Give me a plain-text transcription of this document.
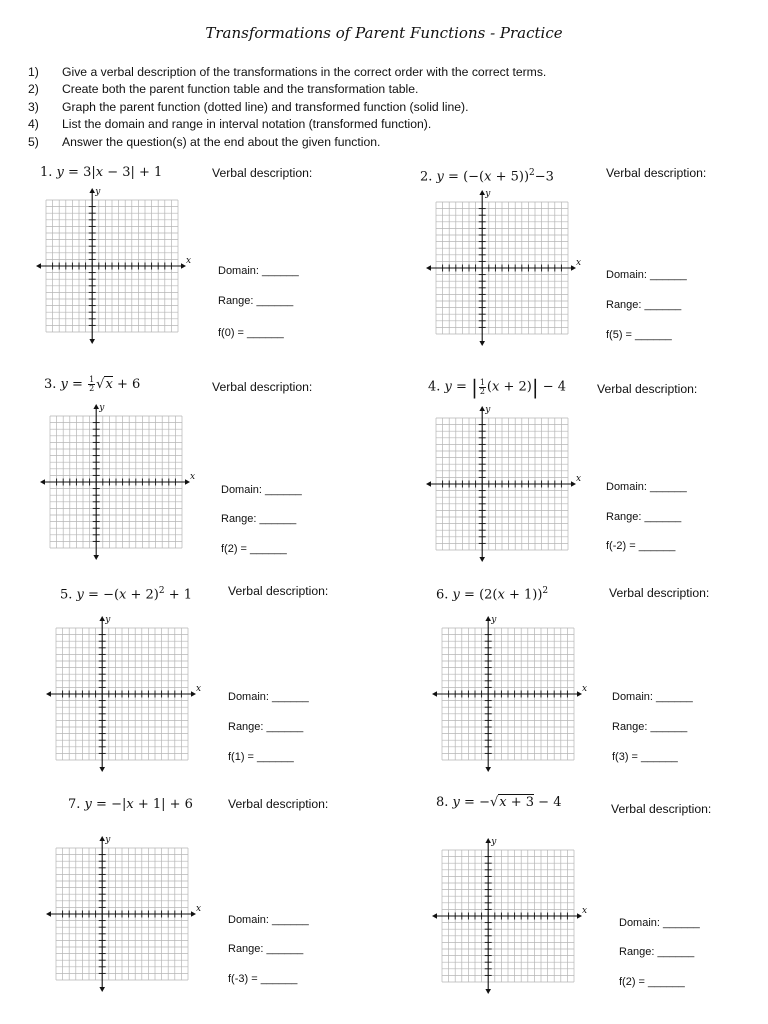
Transformations of Parent Functions - Practice
1)	Give a verbal description of the transformations in the correct order with the correct terms.
2)	Create both the parent function table and the transformation table.
3)	Graph the parent function (dotted line) and transformed function (solid line).
4)	List the domain and range in interval notation (transformed function).
5)	Answer the question(s) at the end about the given function.
1. y = 3|x − 3| + 1	Verbal description:
x
y
Domain: ______
Range: ______
f(0) = ______
2. $y = (-(x + 5))^2-3$	Verbal description:
x
y
Domain: ______
Range: ______
f(5) = ______
3. $y = \frac{1}{2} √x + 6$	Verbal description:
x
y
Domain: ______
Range: ______
f(2) = ______
4. y = | $\frac{1}{2} (x + 2)| - 4$	Verbal description:
x
y
Domain: ______
Range: ______
f(-2) = ______
5. $y = -(x + 2)^2 + 1$	Verbal description:
x
y
Domain: ______
Range: ______
f(1) = ______
6. $y = (2(x + 1))^2$	Verbal description:
x
y
Domain: ______
Range: ______
f(3) = ______
7. y = −|x + 1| + 6	Verbal description:
x
y
Domain: ______
Range: ______
f(-3) = ______
8. y = −√x + 3 − 4	Verbal description:
x
y
Domain: ______
Range: ______
f(2) = ______
